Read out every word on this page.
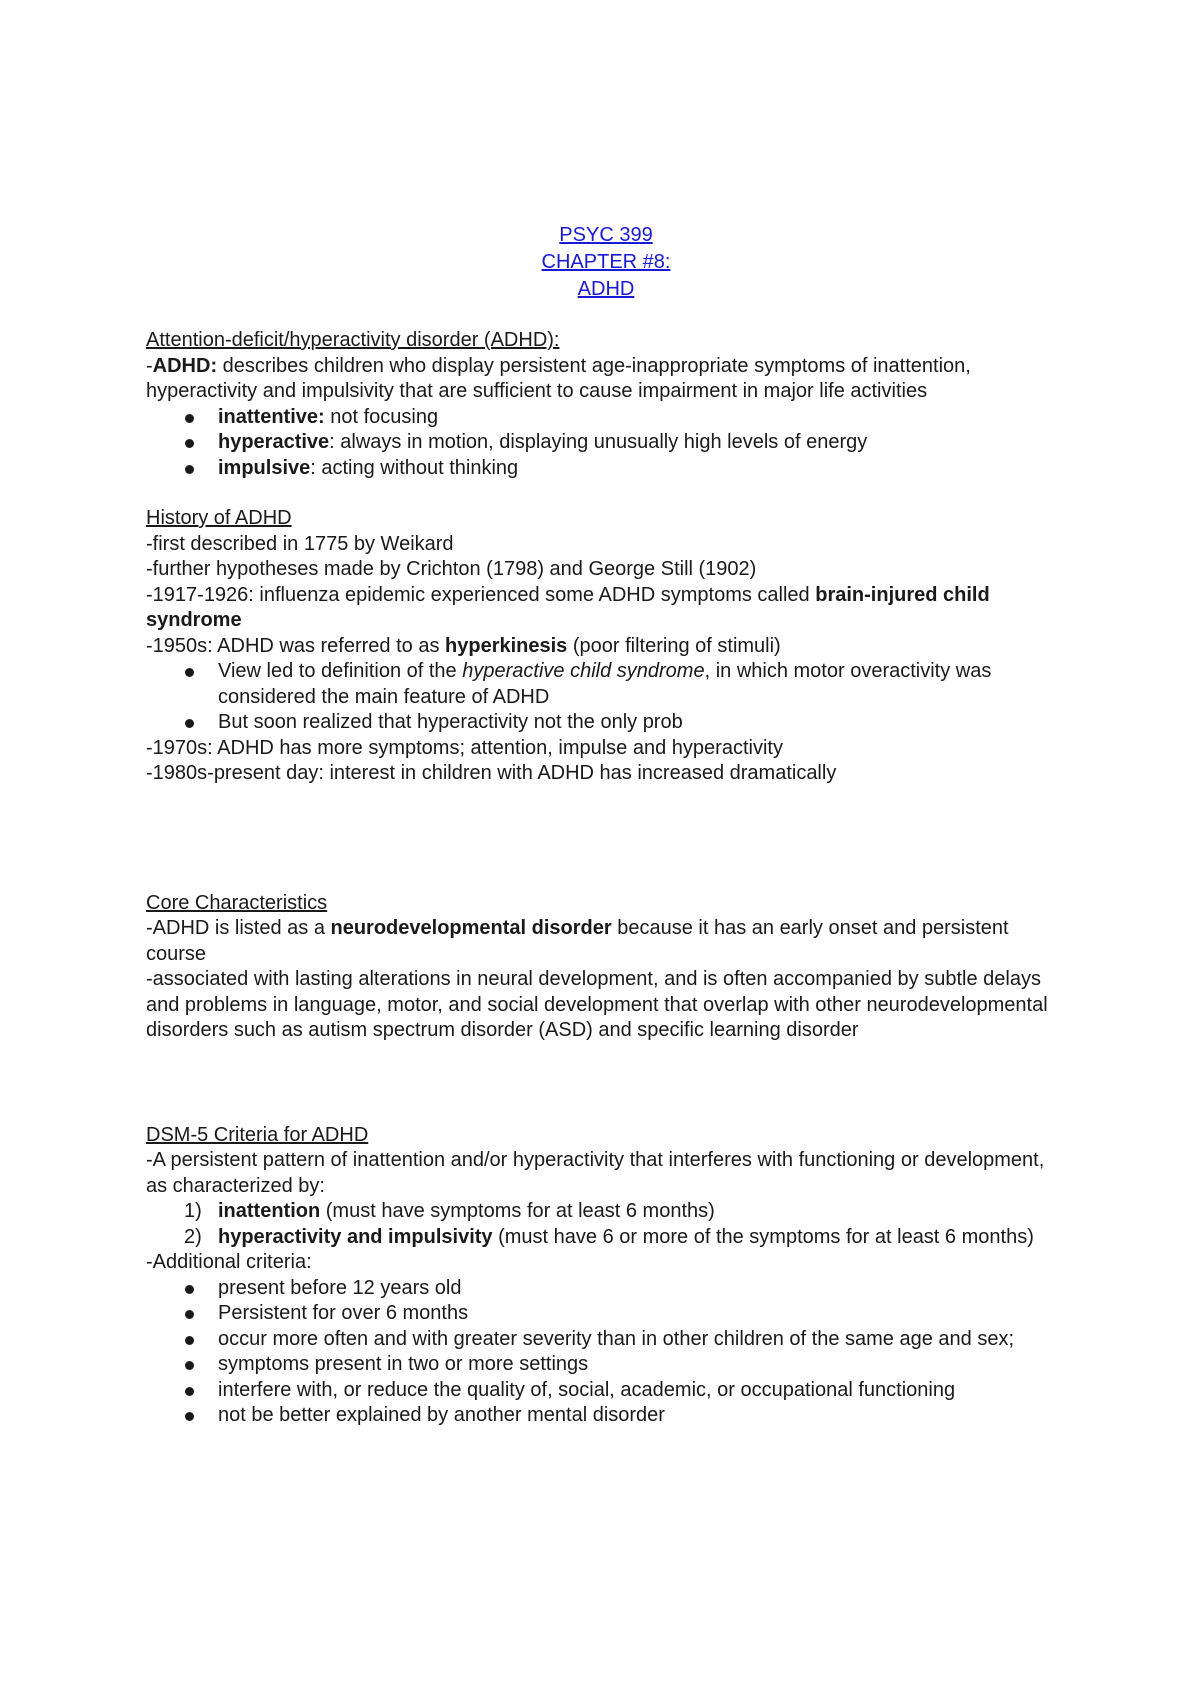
PSYC 399
CHAPTER #8:
ADHD

Attention-deficit/hyperactivity disorder (ADHD):

-ADHD: describes children who display persistent age-inappropriate symptoms of inattention, hyperactivity and impulsivity that are sufficient to cause impairment in major life activities

inattentive: not focusing
hyperactive: always in motion, displaying unusually high levels of energy
impulsive: acting without thinking

History of ADHD

-first described in 1775 by Weikard

-further hypotheses made by Crichton (1798) and George Still (1902)

-1917-1926: influenza epidemic experienced some ADHD symptoms called brain-injured child syndrome

-1950s: ADHD was referred to as hyperkinesis (poor filtering of stimuli)

View led to definition of the hyperactive child syndrome, in which motor overactivity was considered the main feature of ADHD
But soon realized that hyperactivity not the only prob

-1970s: ADHD has more symptoms; attention, impulse and hyperactivity

-1980s-present day: interest in children with ADHD has increased dramatically

Core Characteristics

-ADHD is listed as a neurodevelopmental disorder because it has an early onset and persistent course

-associated with lasting alterations in neural development, and is often accompanied by subtle delays and problems in language, motor, and social development that overlap with other neurodevelopmental disorders such as autism spectrum disorder (ASD) and specific learning disorder

DSM-5 Criteria for ADHD

-A persistent pattern of inattention and/or hyperactivity that interferes with functioning or development, as characterized by:

1) inattention (must have symptoms for at least 6 months)
2) hyperactivity and impulsivity (must have 6 or more of the symptoms for at least 6 months)

-Additional criteria:

present before 12 years old
Persistent for over 6 months
occur more often and with greater severity than in other children of the same age and sex;
symptoms present in two or more settings
interfere with, or reduce the quality of, social, academic, or occupational functioning
not be better explained by another mental disorder
